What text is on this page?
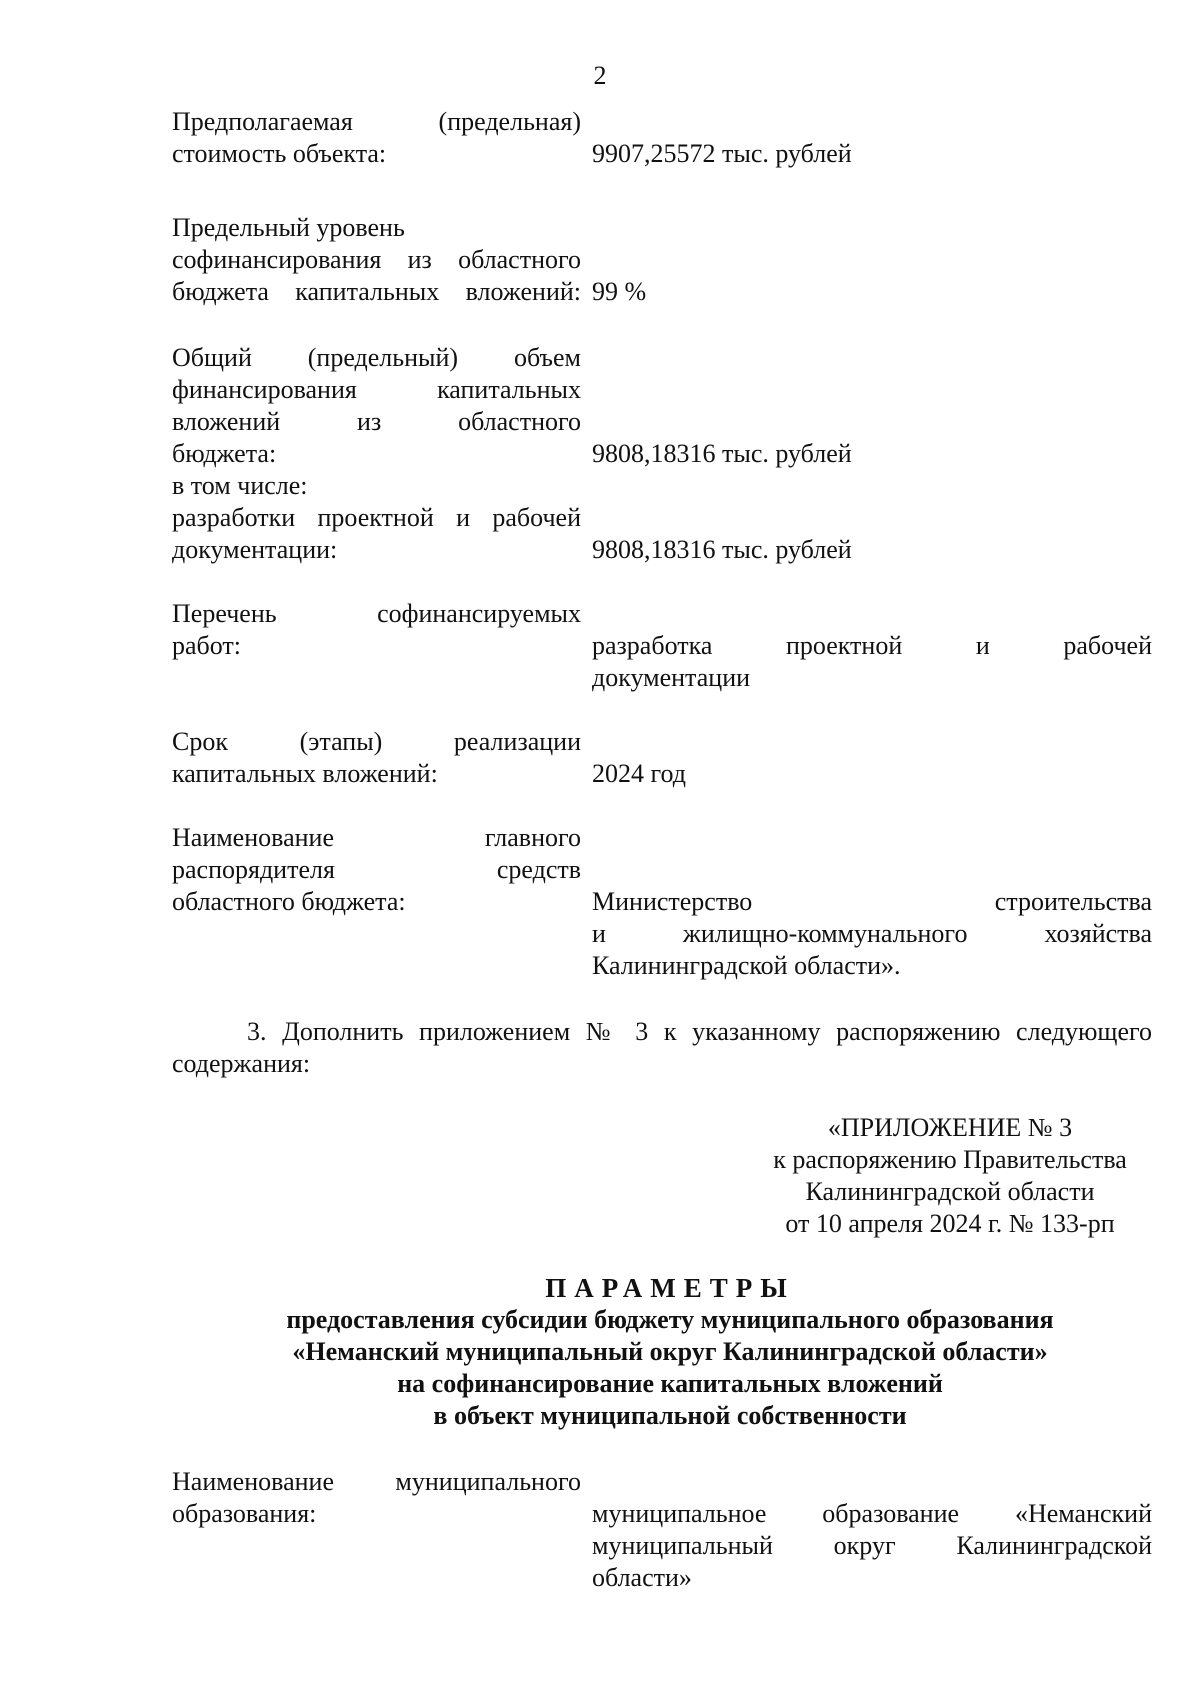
2
Предполагаемая (предельная)
стоимость объекта:	9907,25572 тыс. рублей
Предельный уровень
софинансирования из областного
бюджета капитальных вложений: 99 %
Общий (предельный) объем
финансирования капитальных
вложений из областного
бюджета:	9808,18316 тыс. рублей
в том числе:
разработки проектной и рабочей
документации:	9808,18316 тыс. рублей
Перечень софинансируемых
работ:	разработка проектной и рабочей
документации
Срок (этапы) реализации
капитальных вложений:	2024 год
Наименование главного
распорядителя средств
областного бюджета:	Министерство строительства
и жилищно-коммунального хозяйства
Калининградской области».
3. Дополнить приложением № 3 к указанному распоряжению следующего
содержания:
«ПРИЛОЖЕНИЕ № 3
к распоряжению Правительства
Калининградской области
от 10 апреля 2024 г. № 133-рп
ПАРАМЕТРЫ
предоставления субсидии бюджету муниципального образования
«Неманский муниципальный округ Калининградской области»
на софинансирование капитальных вложений
в объект муниципальной собственности
Наименование муниципального
образования:	муниципальное образование «Неманский
муниципальный округ Калининградской
области»
